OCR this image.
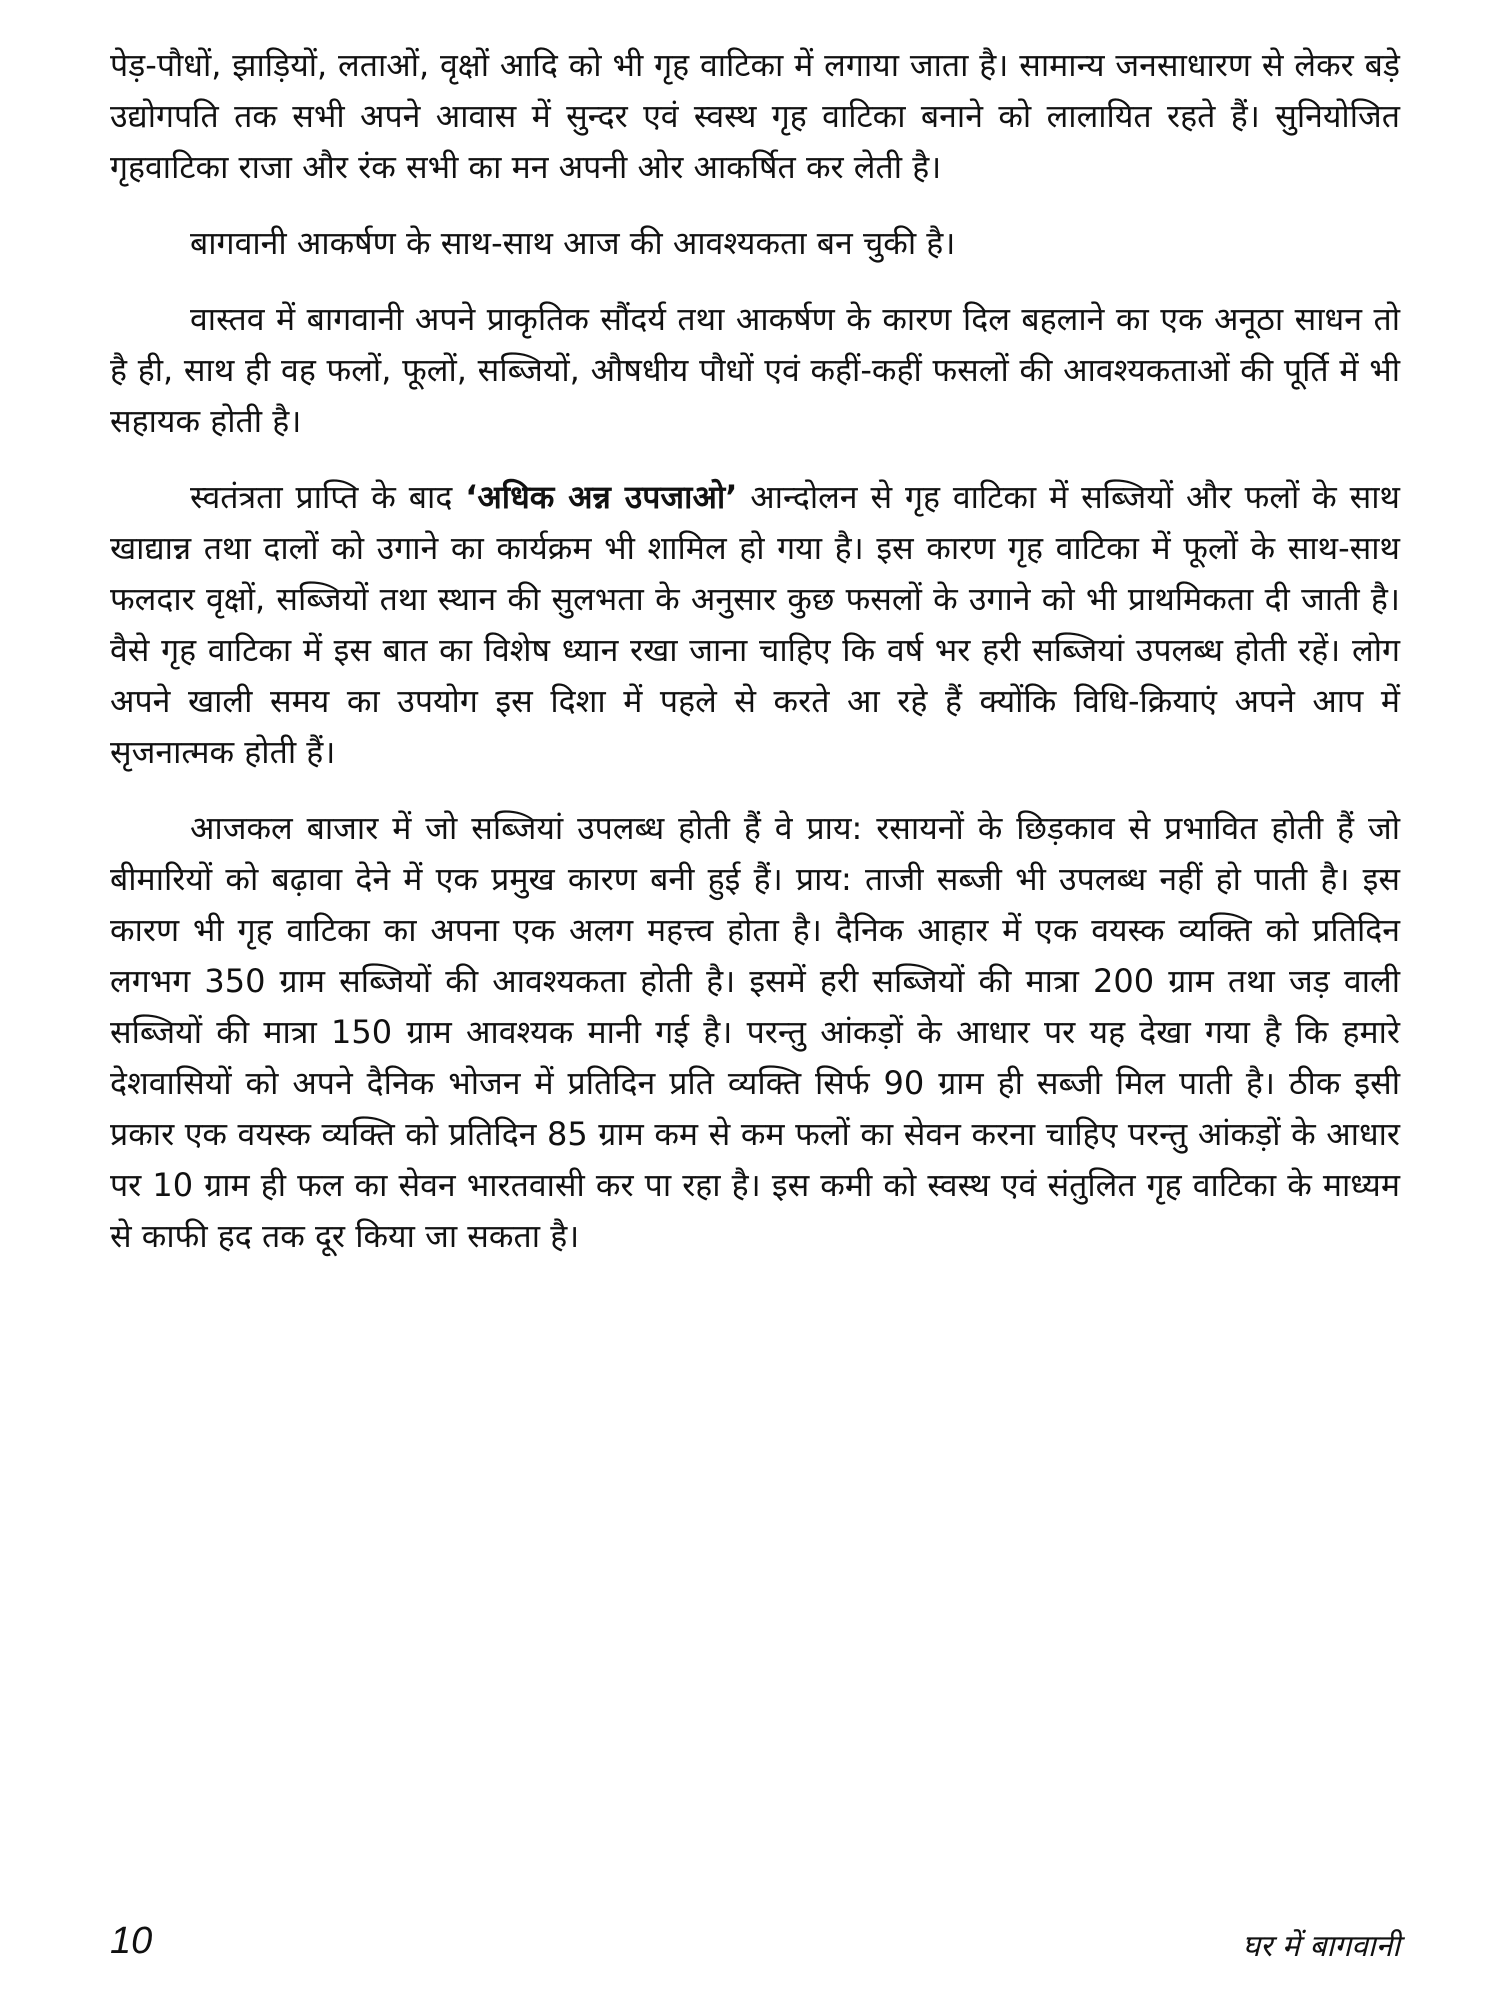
पेड़-पौधों, झाड़ियों, लताओं, वृक्षों आदि को भी गृह वाटिका में लगाया जाता है। सामान्य जनसाधारण से लेकर बड़े उद्योगपति तक सभी अपने आवास में सुन्दर एवं स्वस्थ गृह वाटिका बनाने को लालायित रहते हैं। सुनियोजित गृहवाटिका राजा और रंक सभी का मन अपनी ओर आकर्षित कर लेती है।

बागवानी आकर्षण के साथ-साथ आज की आवश्यकता बन चुकी है।

वास्तव में बागवानी अपने प्राकृतिक सौंदर्य तथा आकर्षण के कारण दिल बहलाने का एक अनूठा साधन तो है ही, साथ ही वह फलों, फूलों, सब्जियों, औषधीय पौधों एवं कहीं-कहीं फसलों की आवश्यकताओं की पूर्ति में भी सहायक होती है।

स्वतंत्रता प्राप्ति के बाद ‘अधिक अन्न उपजाओ’ आन्दोलन से गृह वाटिका में सब्जियों और फलों के साथ खाद्यान्न तथा दालों को उगाने का कार्यक्रम भी शामिल हो गया है। इस कारण गृह वाटिका में फूलों के साथ-साथ फलदार वृक्षों, सब्जियों तथा स्थान की सुलभता के अनुसार कुछ फसलों के उगाने को भी प्राथमिकता दी जाती है। वैसे गृह वाटिका में इस बात का विशेष ध्यान रखा जाना चाहिए कि वर्ष भर हरी सब्जियां उपलब्ध होती रहें। लोग अपने खाली समय का उपयोग इस दिशा में पहले से करते आ रहे हैं क्योंकि विधि-क्रियाएं अपने आप में सृजनात्मक होती हैं।

आजकल बाजार में जो सब्जियां उपलब्ध होती हैं वे प्राय: रसायनों के छिड़काव से प्रभावित होती हैं जो बीमारियों को बढ़ावा देने में एक प्रमुख कारण बनी हुई हैं। प्राय: ताजी सब्जी भी उपलब्ध नहीं हो पाती है। इस कारण भी गृह वाटिका का अपना एक अलग महत्त्व होता है। दैनिक आहार में एक वयस्क व्यक्ति को प्रतिदिन लगभग 350 ग्राम सब्जियों की आवश्यकता होती है। इसमें हरी सब्जियों की मात्रा 200 ग्राम तथा जड़ वाली सब्जियों की मात्रा 150 ग्राम आवश्यक मानी गई है। परन्तु आंकड़ों के आधार पर यह देखा गया है कि हमारे देशवासियों को अपने दैनिक भोजन में प्रतिदिन प्रति व्यक्ति सिर्फ 90 ग्राम ही सब्जी मिल पाती है। ठीक इसी प्रकार एक वयस्क व्यक्ति को प्रतिदिन 85 ग्राम कम से कम फलों का सेवन करना चाहिए परन्तु आंकड़ों के आधार पर 10 ग्राम ही फल का सेवन भारतवासी कर पा रहा है। इस कमी को स्वस्थ एवं संतुलित गृह वाटिका के माध्यम से काफी हद तक दूर किया जा सकता है।

10	घर में बागवानी
